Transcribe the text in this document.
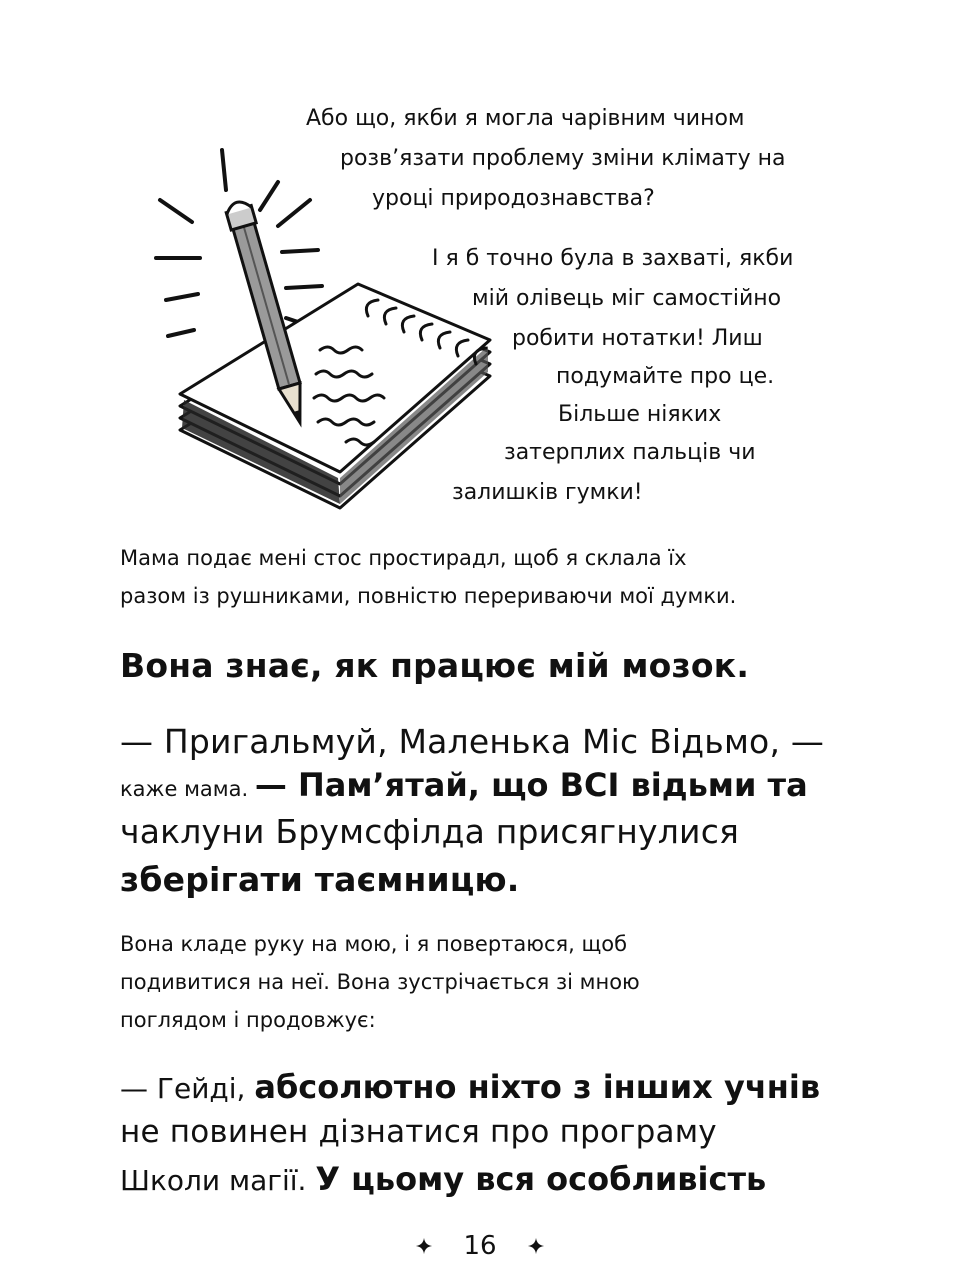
Або що, якби я могла чарівним чином

розв’язати проблему зміни клімату на

уроці природознавства?

І я б точно була в захваті, якби

мій олівець міг самостійно

робити нотатки! Лиш

подумайте про це.

Більше ніяких

затерплих пальців чи

залишків гумки!

Мама подає мені стос простирадл, щоб я склала їх

разом із рушниками, повністю перериваючи мої думки.

Вона знає, як працює мій мозок.

— Пригальмуй, Маленька Міс Відьмо, —

каже мама. — Пам’ятай, що ВСІ відьми та

чаклуни Брумсфілда присягнулися

зберігати таємницю.

Вона кладе руку на мою, і я повертаюся, щоб

подивитися на неї. Вона зустрічається зі мною

поглядом і продовжує:

— Гейді, абсолютно ніхто з інших учнів

не повинен дізнатися про програму

Школи магії. У цьому вся особливість

16
